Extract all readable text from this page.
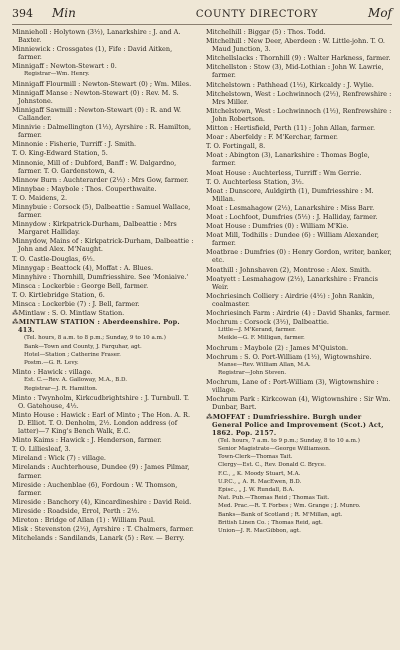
394	Min	COUNTY DIRECTORY	Mof

Minnieholl : Holytown (3½), Lanarkshire : J. and A. Baxter.

Minniewick : Crossgates (1), Fife : David Aitken, farmer.

Minnigaff : Newton-Stewart : 0.

Registrar—Wm. Henry.

Minnigaff Flourmill : Newton-Stewart (0) ; Wm. Miles.

Minnigaff Manse : Newton-Stewart (0) : Rev. M. S. Johnstone.

Minnigaff Sawmill : Newton-Stewart (0) : R. and W. Callander.

Minnivie : Dalmellington (1½), Ayrshire : R. Hamilton, farmer.

Minnonie : Fisherie, Turriff : J. Smith.

T. O. King-Edward Station, 5.

Minnonie, Mill of : Dubford, Banff : W. Dalgardno, farmer. T. O. Gardenstown, 4.

Minnow Burn : Auchterarder (2½) : Mrs Gow, farmer.

Minnybae : Maybole : Thos. Couperthwaite.

T. O. Maidens, 2.

Minnybuie : Corsock (5), Dalbeattie : Samuel Wallace, farmer.

Minnydow : Kirkpatrick-Durham, Dalbeattie : Mrs Margaret Halliday.

Minnydow, Mains of : Kirkpatrick-Durham, Dalbeattie : John and Alex. M'Naught.

T. O. Castle-Douglas, 6½.

Minnygap : Beattock (4), Moffat : A. Blues.

Minnyhive : Thornhill, Dumfriesshire. See 'Moniaive.'

Minsca : Lockerbie : George Bell, farmer.

T. O. Kirtlebridge Station, 6.

Minsca : Lockerbie (7) : J. Bell, farmer.

⁂Mintlaw : S. O. Mintlaw Station.

⁂MINTLAW STATION : Aberdeenshire. Pop. 413.

(Tel. hours, 8 a.m. to 8 p.m.; Sunday, 9 to 10 a.m.)

Bank—Town and County, J. Farquhar, agt.

Hotel—Station ; Catherine Fraser.

Postm.—G. R. Levy.

Minto : Hawick : village.

Est. C.—Rev. A. Galloway, M.A., B.D.

Registrar—J. R. Hamilton.

Minto : Twynholm, Kirkcudbrightshire : J. Turnbull. T. O. Gatehouse, 4½.

Minto House : Hawick : Earl of Minto ; The Hon. A. R. D. Elliot. T. O. Denholm, 2½. London address (of latter)—7 King's Bench Walk, E.C.

Minto Kaims : Hawick : J. Henderson, farmer.

T. O. Lilliesleaf, 3.

Mireland : Wick (7) : village.

Mirelands : Auchterhouse, Dundee (9) : James Pilmar, farmer.

Mireside : Auchenblae (6), Fordoun : W. Thomson, farmer.

Mireside : Banchory (4), Kincardineshire : David Reid.

Mireside : Roadside, Errol, Perth : 2½.

Mireton : Bridge of Allan (1) : William Paul.

Misk : Stevenston (2½), Ayrshire : T. Chalmers, farmer.

Mitchelands : Sandilands, Lanark (5) : Rev. — Berry.

Mitchelhill : Biggar (5) : Thos. Todd.

Mitchelhill : New Deer, Aberdeen : W. Little-john. T. O. Maud Junction, 3.

Mitchellslacks : Thornhill (9) : Walter Harkness, farmer.

Mitchellston : Stow (3), Mid-Lothian : John W. Lawrie, farmer.

Mitchelstown : Pathhead (1½), Kirkcaldy : J. Wylie.

Mitchelstown, West : Lochwinnoch (2½), Renfrewshire : Mrs Miller.

Mitchelstown, West : Lochwinnoch (1½), Renfrewshire : John Robertson.

Mitton : Hertisfield, Perth (11) : John Allan, farmer.

Moar : Aberfeldy : F. M'Kerchar, farmer.

T. O. Fortingall, 8.

Moat : Abington (3), Lanarkshire : Thomas Bogle, farmer.

Moat House : Auchterless, Turriff : Wm Gerrie.

T. O. Auchterless Station, 3½.

Moat : Dunscore, Auldgirth (1), Dumfriesshire : M. Millan.

Moat : Lesmahagow (2½), Lanarkshire : Miss Barr.

Moat : Lochfoot, Dumfries (5½) : J. Halliday, farmer.

Moat House : Dumfries (0) : William M'Kie.

Moat Mill, Todhills : Dundee (6) : William Alexander, farmer.

Moatbrae : Dumfries (0) : Henry Gordon, writer, banker, etc.

Moathill : Johnshaven (2), Montrose : Alex. Smith.

Moatyett : Lesmahagow (2½), Lanarkshire : Francis Weir.

Mochriesinch Colliery : Airdrie (4½) : John Rankin, coalmaster.

Mochriesinch Farm : Airdrie (4) : David Shanks, farmer.

Mochrum : Corsock (3½), Dalbeattie.

Little—J. M'Kerand, farmer.

Meikle—G. F. Milligan, farmer.

Mochrum : Maybole (2) : James M'Quiston.

Mochrum : S. O. Port-William (1½), Wigtownshire.

Manse—Rev. William Allan, M.A.

Registrar—John Steven.

Mochrum, Lane of : Port-William (3), Wigtownshire : village.

Mochrum Park : Kirkcowan (4), Wigtownshire : Sir Wm. Dunbar, Bart.

⁂MOFFAT : Dumfriesshire. Burgh under General Police and Improvement (Scot.) Act, 1862. Pop. 2157.

(Tel. hours, 7 a.m. to 9 p.m.; Sunday, 8 to 10 a.m.)

Senior Magistrate—George Williamson.

Town-Clerk—Thomas Tait.

Clergy—Est. C., Rev. Donald C. Bryce.

F.C., „ K. Moody Stuart, M.A.

U.P.C., „ A. R. MacEwen, B.D.

Episc., „ J. W. Rundall, B.A.

Nat. Pub.—Thomas Reid ; Thomas Tait.

Med. Prac.—R. T. Forbes ; Wm. Grange ; J. Munro.

Banks—Bank of Scotland ; R. M'Millan, agt.

British Linen Co. ; Thomas Reid, agt.

Union—J. R. MacGibbon, agt.
